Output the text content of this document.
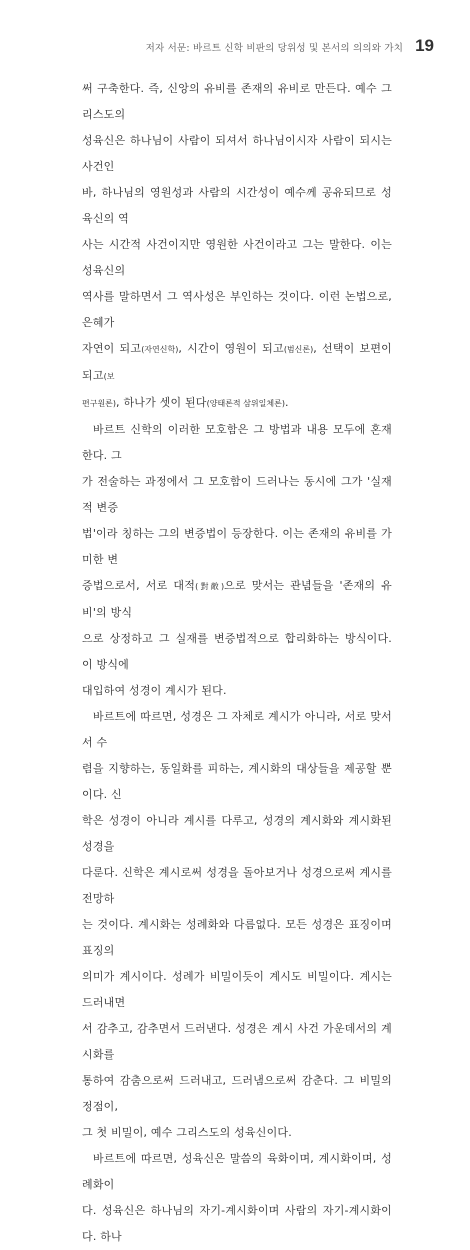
저자 서문: 바르트 신학 비판의 당위성 및 본서의 의의와 가치 19

써 구축한다. 즉, 신앙의 유비를 존재의 유비로 만든다. 예수 그리스도의

성육신은 하나님이 사람이 되셔서 하나님이시자 사람이 되시는 사건인

바, 하나님의 영원성과 사람의 시간성이 예수께 공유되므로 성육신의 역

사는 시간적 사건이지만 영원한 사건이라고 그는 말한다. 이는 성육신의

역사를 말하면서 그 역사성은 부인하는 것이다. 이런 논법으로, 은혜가

자연이 되고(자연신학), 시간이 영원이 되고(범신론), 선택이 보편이 되고(보

편구원론), 하나가 셋이 된다(양태론적 삼위일체론).

바르트 신학의 이러한 모호함은 그 방법과 내용 모두에 혼재한다. 그

가 전술하는 과정에서 그 모호함이 드러나는 동시에 그가 '실재적 변증

법'이라 칭하는 그의 변증법이 등장한다. 이는 존재의 유비를 가미한 변

증법으로서, 서로 대적(對敵)으로 맞서는 관념들을 '존재의 유비'의 방식

으로 상정하고 그 실재를 변증법적으로 합리화하는 방식이다. 이 방식에

대입하여 성경이 계시가 된다.

바르트에 따르면, 성경은 그 자체로 계시가 아니라, 서로 맞서서 수

렴을 지향하는, 동일화를 피하는, 계시화의 대상들을 제공할 뿐이다. 신

학은 성경이 아니라 계시를 다루고, 성경의 계시화와 계시화된 성경을

다룬다. 신학은 계시로써 성경을 돌아보거나 성경으로써 계시를 전망하

는 것이다. 계시화는 성례화와 다름없다. 모든 성경은 표징이며 표징의

의미가 계시이다. 성례가 비밀이듯이 계시도 비밀이다. 계시는 드러내면

서 감추고, 감추면서 드러낸다. 성경은 계시 사건 가운데서의 계시화를

통하여 감춤으로써 드러내고, 드러냄으로써 감춘다. 그 비밀의 정점이,

그 첫 비밀이, 예수 그리스도의 성육신이다.

바르트에 따르면, 성육신은 말씀의 육화이며, 계시화이며, 성례화이

다. 성육신은 하나님의 자기-계시화이며 사람의 자기-계시화이다. 하나
